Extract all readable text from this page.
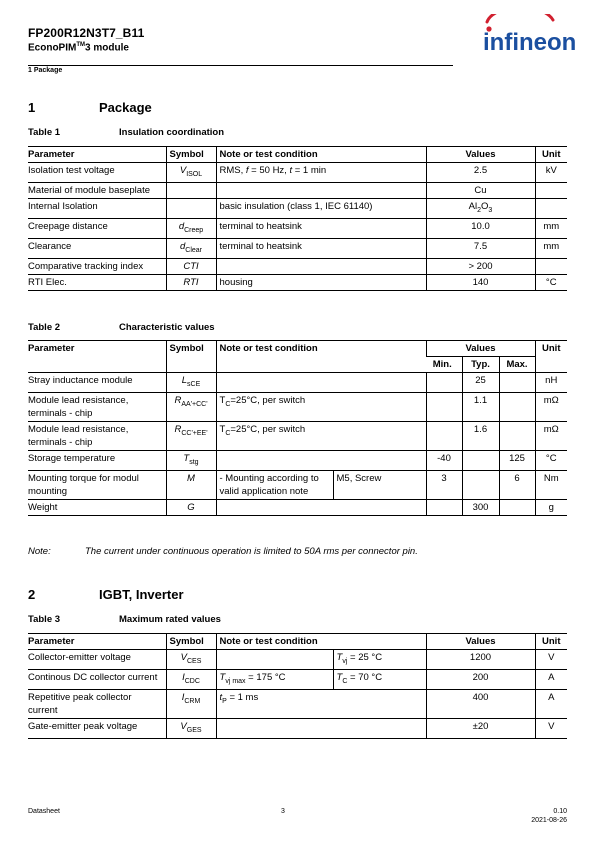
FP200R12N3T7_B11
EconoPIM™3 module
1 Package
infineon
1	Package
Table 1	Insulation coordination
Parameter	Symbol	Note or test condition	Values	Unit
Isolation test voltage	$V_{ISOL}$	RMS, f = 50 Hz, t = 1 min	2.5	kV
Material of module baseplate			Cu	
Internal Isolation		basic insulation (class 1, IEC 61140)	$Al_2O_3$	
Creepage distance	$d_{Creep}$	terminal to heatsink	10.0	mm
Clearance	$d_{Clear}$	terminal to heatsink	7.5	mm
Comparative tracking index	CTI		> 200	
RTI Elec.	RTI	housing	140	°C
Table 2	Characteristic values
Parameter	Symbol	Note or test condition		Values			Unit
				Min.	Typ.	Max.	
Stray inductance module	$L_{sCE}$				25		nH
Module lead resistance, terminals - chip	$R_{AA'+CC'}$	$T_C=25^\circ C$, per switch			1.1		mΩ
Module lead resistance, terminals - chip	$R_{CC'+EE'}$	$T_C=25^\circ C$, per switch			1.6		mΩ
Storage temperature	$T_{stg}$			-40		125	°C
Mounting torque for modul mounting	M	- Mounting according to valid application note	M5, Screw	3		6	Nm
Weight	G				300		g
Note:	The current under continuous operation is limited to 50A rms per connector pin.
2	IGBT, Inverter
Table 3	Maximum rated values
Parameter	Symbol	Note or test condition		Values	Unit
Collector-emitter voltage	$V_{CES}$		$T_{vj} = 25$ °C	1200	V
Continous DC collector current	$I_{CDC}$	$T_{vj max} = 175$ °C	$T_C = 70$ °C	200	A
Repetitive peak collector current	$I_{CRM}$	$t_P = 1$ ms		400	A
Gate-emitter peak voltage	$V_{GES}$			±20	V
Datasheet	3	0.10
2021-08-26
